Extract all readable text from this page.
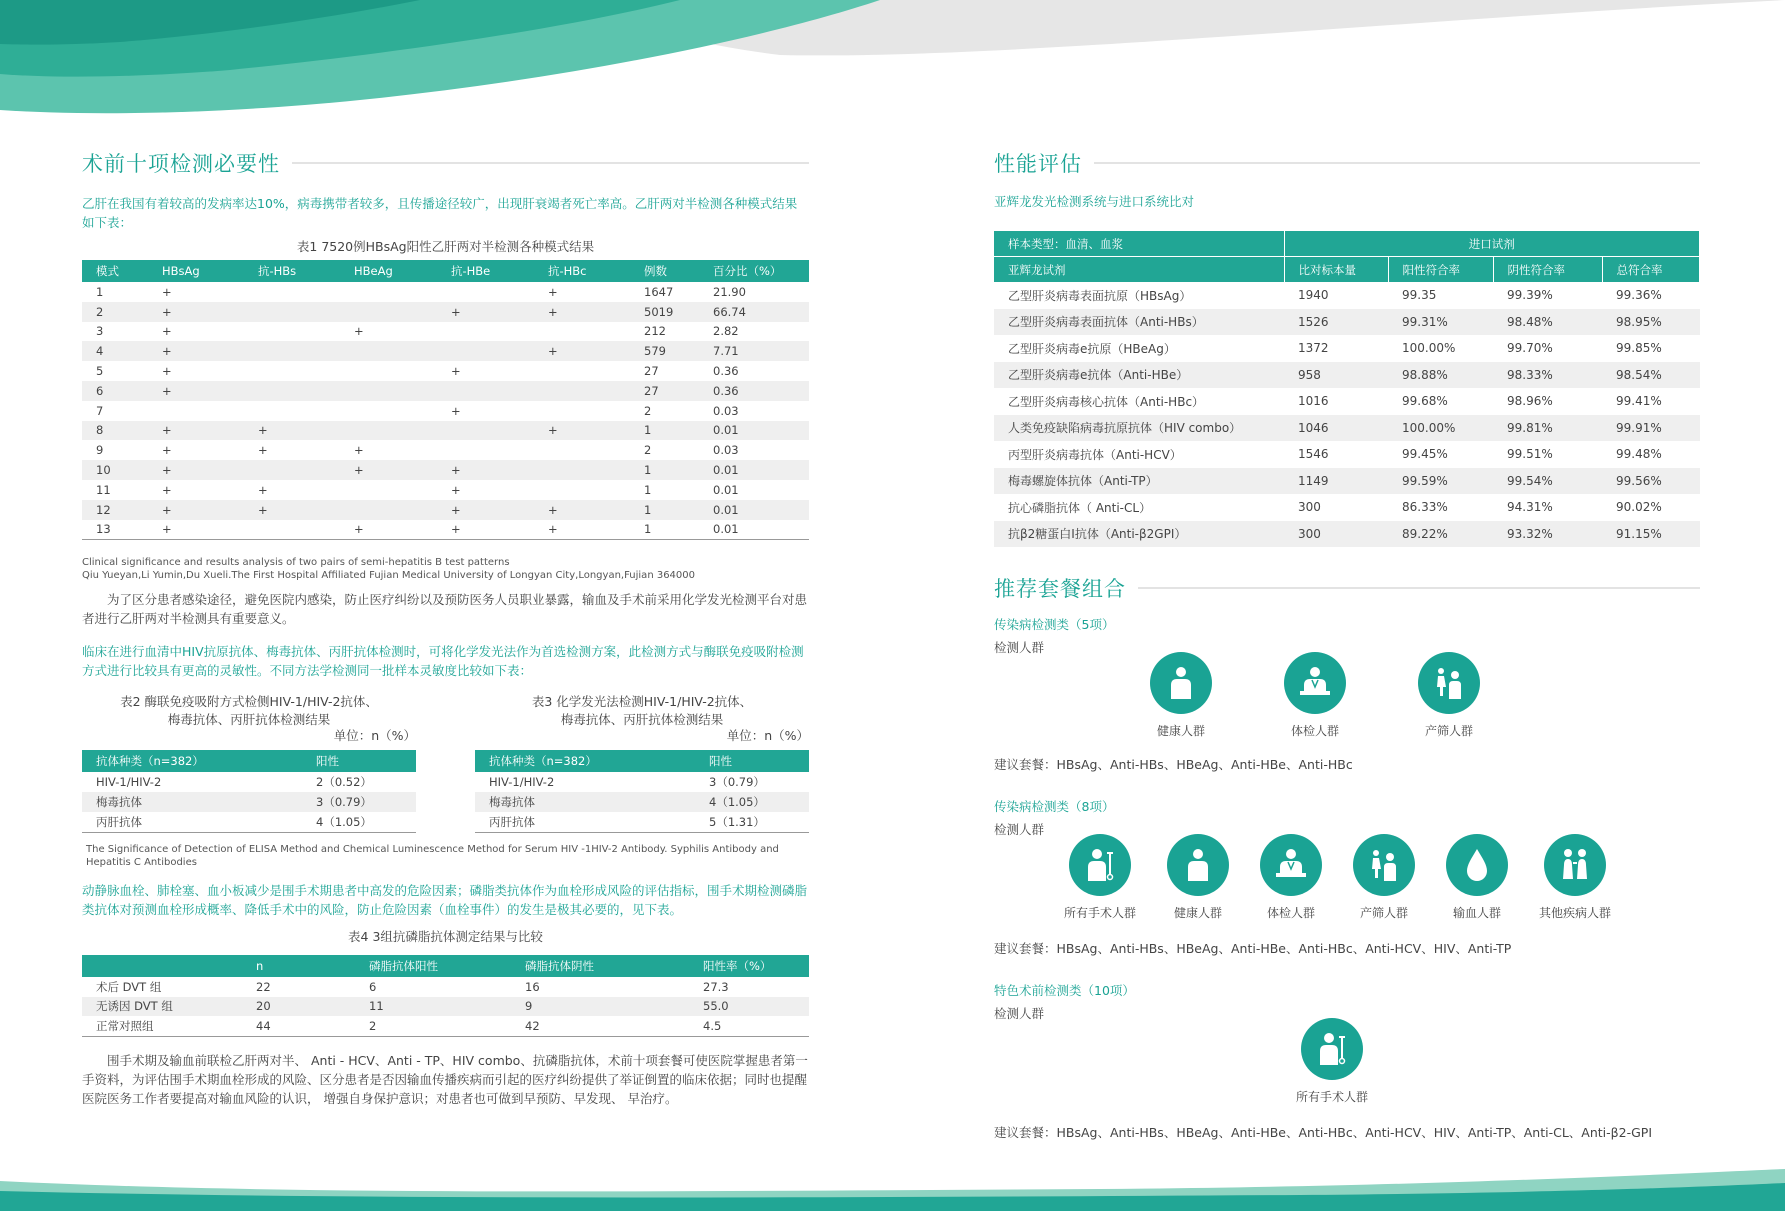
术前十项检测必要性

乙肝在我国有着较高的发病率达10%，病毒携带者较多，且传播途径较广，出现肝衰竭者死亡率高。乙肝两对半检测各种模式结果如下表：

表1 7520例HBsAg阳性乙肝两对半检测各种模式结果
模式	HBsAg	抗-HBs	HBeAg	抗-HBe	抗-HBc	例数	百分比（%）
1	+				+	1647	21.90
2	+			+	+	5019	66.74
3	+		+			212	2.82
4	+				+	579	7.71
5	+			+		27	0.36
6	+					27	0.36
7				+		2	0.03
8	+	+			+	1	0.01
9	+	+	+			2	0.03
10	+		+	+		1	0.01
11	+	+		+		1	0.01
12	+	+		+	+	1	0.01
13	+		+	+	+	1	0.01
Clinical significance and results analysis of two pairs of semi-hepatitis B test patterns
Qiu Yueyan,Li Yumin,Du Xueli.The First Hospital Affiliated Fujian Medical University of Longyan City,Longyan,Fujian 364000

为了区分患者感染途径，避免医院内感染，防止医疗纠纷以及预防医务人员职业暴露，输血及手术前采用化学发光检测平台对患者进行乙肝两对半检测具有重要意义。

临床在进行血清中HIV抗原抗体、梅毒抗体、丙肝抗体检测时，可将化学发光法作为首选检测方案，此检测方式与酶联免疫吸附检测方式进行比较具有更高的灵敏性。不同方法学检测同一批样本灵敏度比较如下表：

表2 酶联免疫吸附方式检侧HIV-1/HIV-2抗体、
梅毒抗体、丙肝抗体检测结果
单位：n（%）
抗体种类（n=382）	阳性
HIV-1/HIV-2	2（0.52）
梅毒抗体	3（0.79）
丙肝抗体	4（1.05）
表3 化学发光法检测HIV-1/HIV-2抗体、
梅毒抗体、丙肝抗体检测结果
单位：n（%）
抗体种类（n=382）	阳性
HIV-1/HIV-2	3（0.79）
梅毒抗体	4（1.05）
丙肝抗体	5（1.31）
The Significance of Detection of ELISA Method and Chemical Luminescence Method for Serum HIV -1HIV-2 Antibody. Syphilis Antibody and Hepatitis C Antibodies

动静脉血栓、肺栓塞、血小板减少是围手术期患者中高发的危险因素；磷脂类抗体作为血栓形成风险的评估指标，围手术期检测磷脂类抗体对预测血栓形成概率、降低手术中的风险，防止危险因素（血栓事件）的发生是极其必要的，见下表。

表4 3组抗磷脂抗体测定结果与比较
	n	磷脂抗体阳性	磷脂抗体阴性	阳性率（%）
术后 DVT 组	22	6	16	27.3
无诱因 DVT 组	20	11	9	55.0
正常对照组	44	2	42	4.5

围手术期及输血前联检乙肝两对半、 Anti - HCV、Anti - TP、HIV combo、抗磷脂抗体，术前十项套餐可使医院掌握患者第一手资料，为评估围手术期血栓形成的风险、区分患者是否因输血传播疾病而引起的医疗纠纷提供了举证倒置的临床依据；同时也提醒医院医务工作者要提高对输血风险的认识， 增强自身保护意识；对患者也可做到早预防、早发现、 早治疗。

性能评估

亚辉龙发光检测系统与进口系统比对

样本类型：血清、血浆	进口试剂			
亚辉龙试剂	比对标本量	阳性符合率	阴性符合率	总符合率
乙型肝炎病毒表面抗原（HBsAg）	1940	99.35	99.39%	99.36%
乙型肝炎病毒表面抗体（Anti-HBs）	1526	99.31%	98.48%	98.95%
乙型肝炎病毒e抗原（HBeAg）	1372	100.00%	99.70%	99.85%
乙型肝炎病毒e抗体（Anti-HBe）	958	98.88%	98.33%	98.54%
乙型肝炎病毒核心抗体（Anti-HBc）	1016	99.68%	98.96%	99.41%
人类免疫缺陷病毒抗原抗体（HIV combo）	1046	100.00%	99.81%	99.91%
丙型肝炎病毒抗体（Anti-HCV）	1546	99.45%	99.51%	99.48%
梅毒螺旋体抗体（Anti-TP）	1149	99.59%	99.54%	99.56%
抗心磷脂抗体（ Anti-CL）	300	86.33%	94.31%	90.02%
抗β2糖蛋白Ⅰ抗体（Anti-β2GPⅠ）	300	89.22%	93.32%	91.15%
推荐套餐组合

传染病检测类（5项）

检测人群

健康人群	体检人群	产筛人群

建议套餐：HBsAg、Anti-HBs、HBeAg、Anti-HBe、Anti-HBc

传染病检测类（8项）

检测人群

所有手术人群	健康人群	体检人群	产筛人群	输血人群	其他疾病人群

建议套餐：HBsAg、Anti-HBs、HBeAg、Anti-HBe、Anti-HBc、Anti-HCV、HIV、Anti-TP

特色术前检测类（10项）

检测人群

所有手术人群

建议套餐：HBsAg、Anti-HBs、HBeAg、Anti-HBe、Anti-HBc、Anti-HCV、HIV、Anti-TP、Anti-CL、Anti-β2-GPI
